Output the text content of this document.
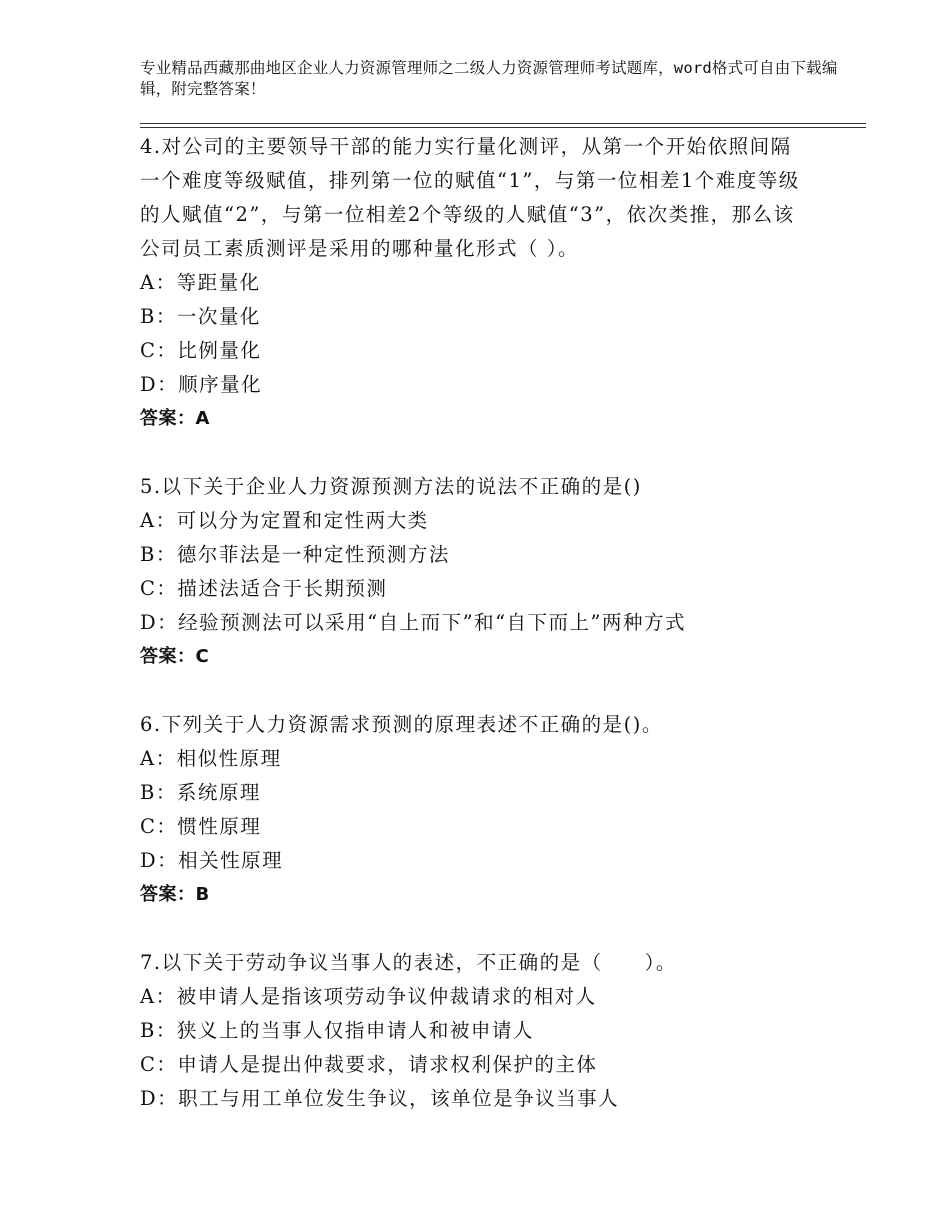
专业精品西藏那曲地区企业人力资源管理师之二级人力资源管理师考试题库，word格式可自由下载编辑，附完整答案！
4.对公司的主要领导干部的能力实行量化测评，从第一个开始依照间隔一个难度等级赋值，排列第一位的赋值“1”，与第一位相差1个难度等级的人赋值“2”，与第一位相差2个等级的人赋值“3”，依次类推，那么该公司员工素质测评是采用的哪种量化形式（ ）。
A：等距量化
B：一次量化
C：比例量化
D：顺序量化
答案：A
5.以下关于企业人力资源预测方法的说法不正确的是()
A：可以分为定置和定性两大类
B：德尔菲法是一种定性预测方法
C：描述法适合于长期预测
D：经验预测法可以采用“自上而下”和“自下而上”两种方式
答案：C
6.下列关于人力资源需求预测的原理表述不正确的是()。
A：相似性原理
B：系统原理
C：惯性原理
D：相关性原理
答案：B
7.以下关于劳动争议当事人的表述，不正确的是（　　）。
A：被申请人是指该项劳动争议仲裁请求的相对人
B：狭义上的当事人仅指申请人和被申请人
C：申请人是提出仲裁要求，请求权利保护的主体
D：职工与用工单位发生争议，该单位是争议当事人
